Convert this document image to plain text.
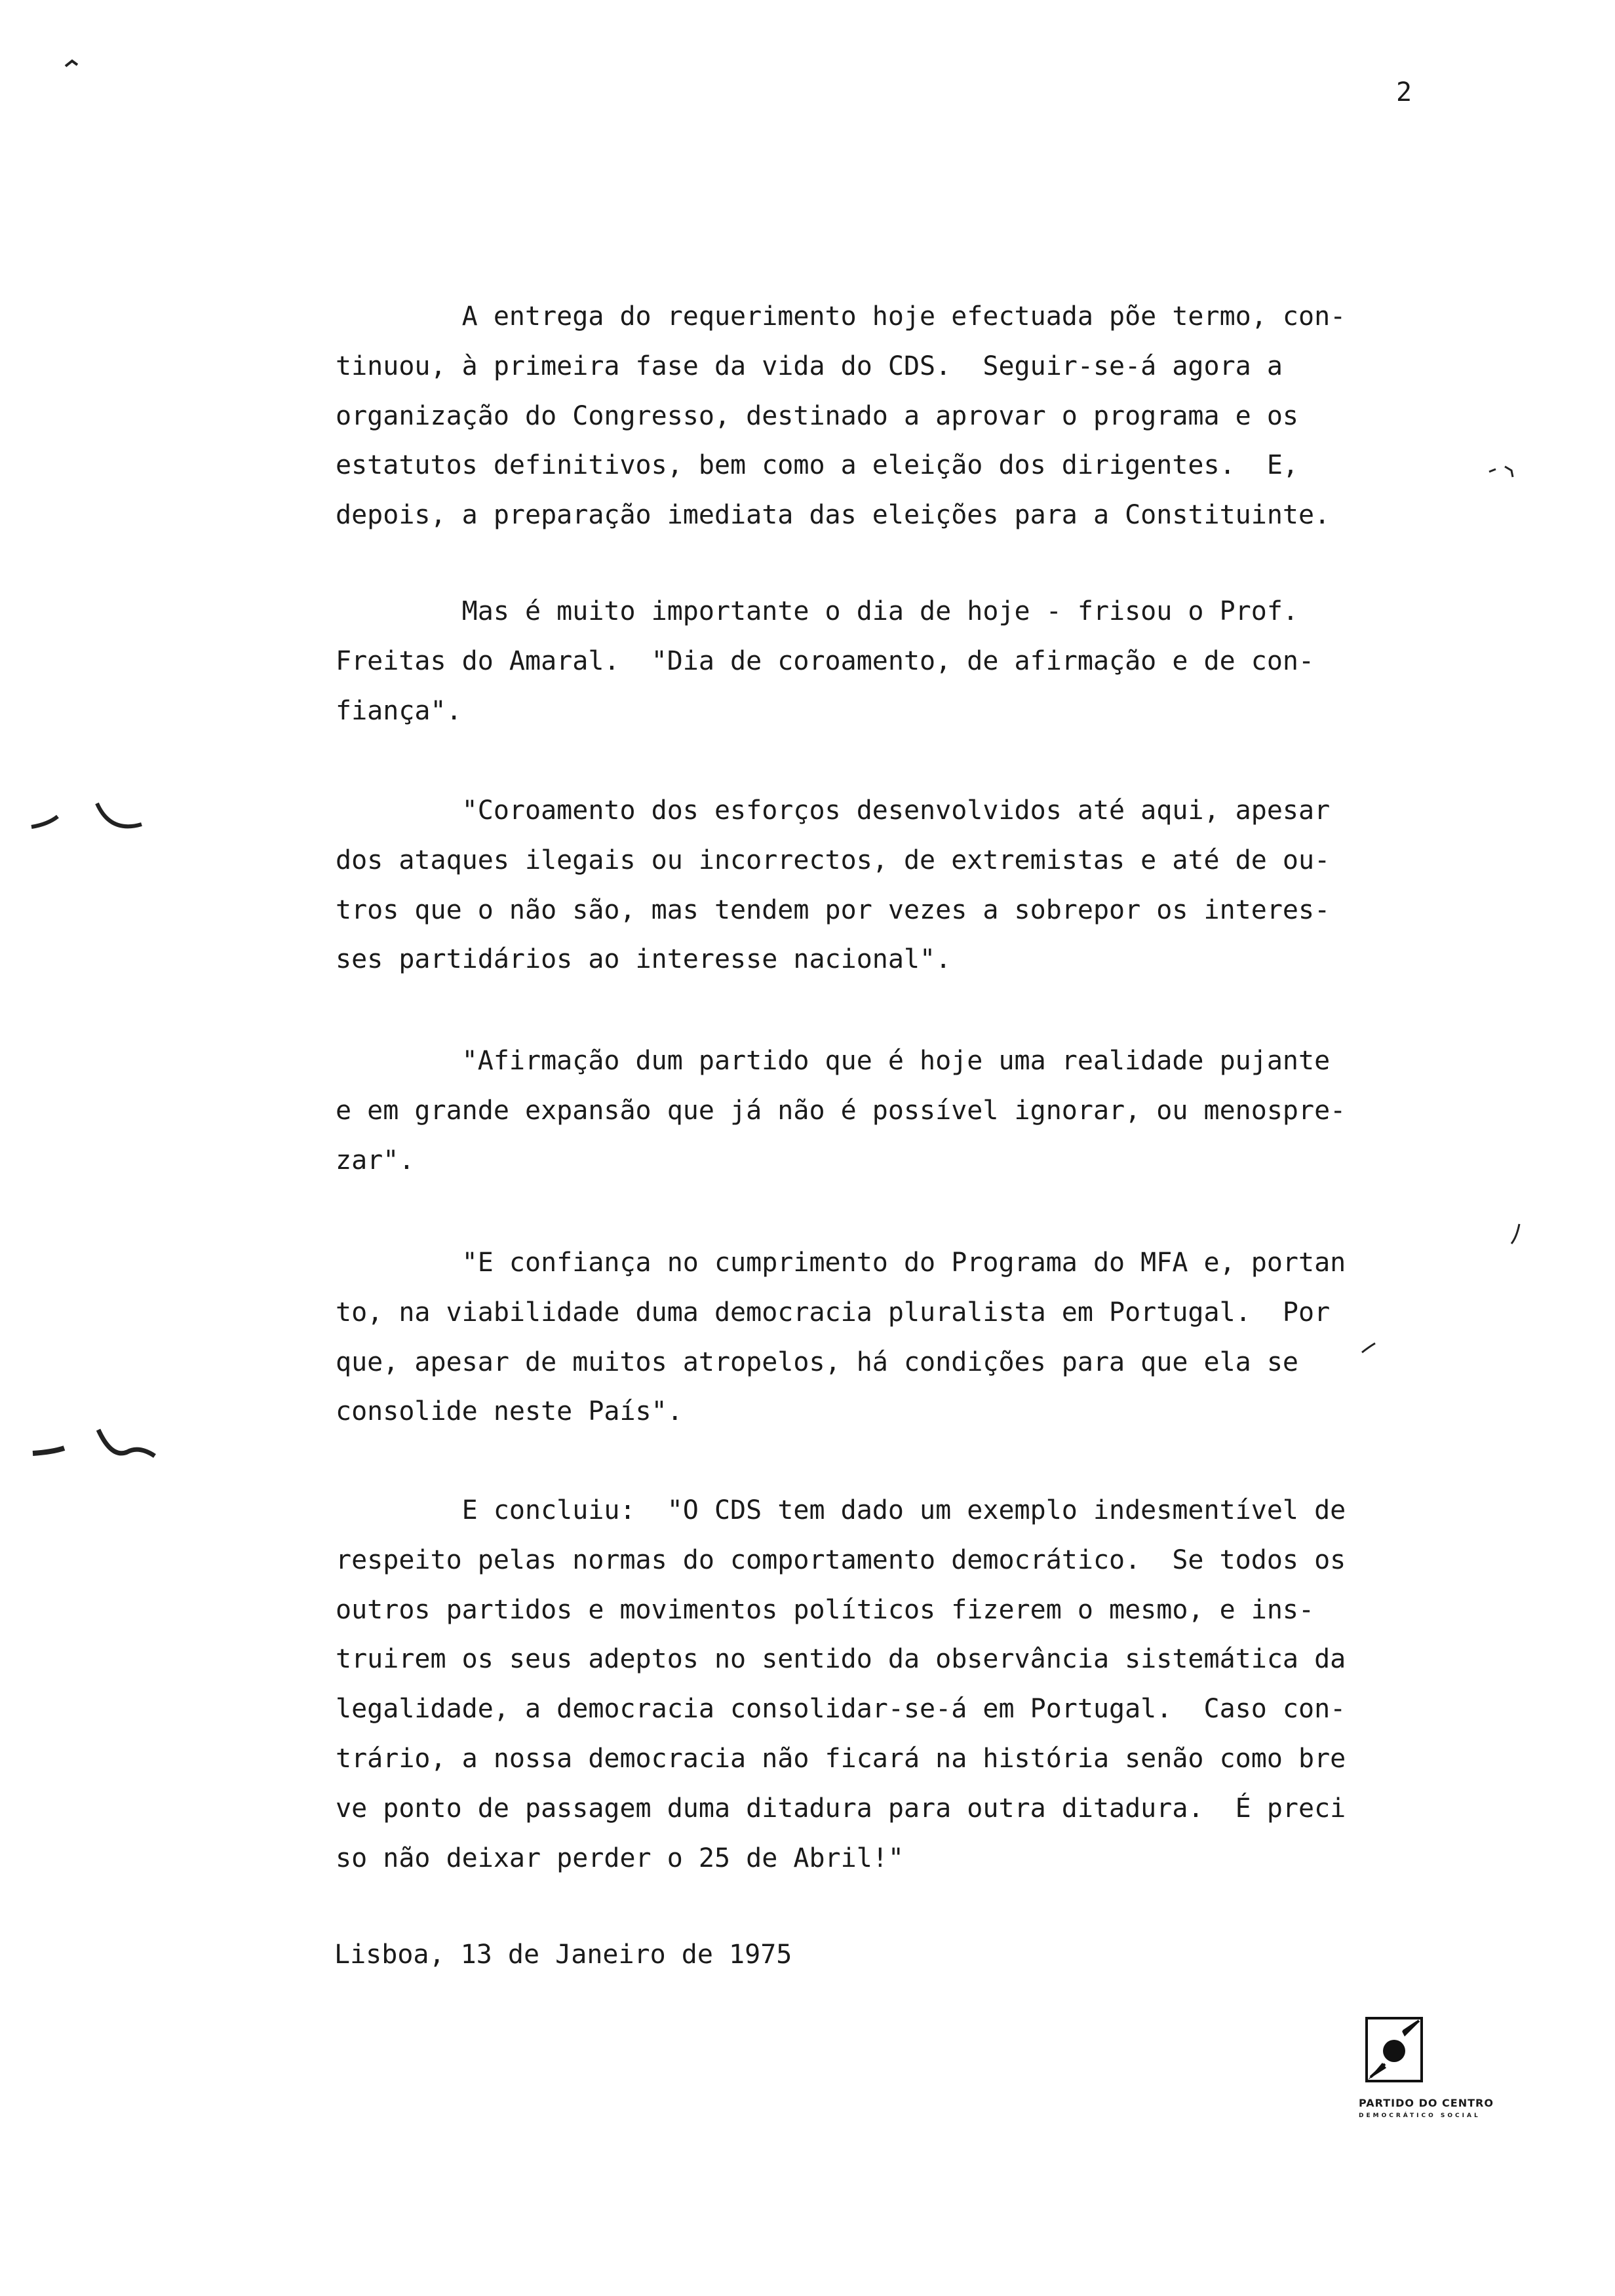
2
A entrega do requerimento hoje efectuada põe termo, con-
tinuou, à primeira fase da vida do CDS.  Seguir-se-á agora a
organização do Congresso, destinado a aprovar o programa e os
estatutos definitivos, bem como a eleição dos dirigentes.  E,
depois, a preparação imediata das eleições para a Constituinte.
Mas é muito importante o dia de hoje - frisou o Prof.
Freitas do Amaral.  "Dia de coroamento, de afirmação e de con-
fiança".
"Coroamento dos esforços desenvolvidos até aqui, apesar
dos ataques ilegais ou incorrectos, de extremistas e até de ou-
tros que o não são, mas tendem por vezes a sobrepor os interes-
ses partidários ao interesse nacional".
"Afirmação dum partido que é hoje uma realidade pujante
e em grande expansão que já não é possível ignorar, ou menospre-
zar".
"E confiança no cumprimento do Programa do MFA e, portan
to, na viabilidade duma democracia pluralista em Portugal.  Por
que, apesar de muitos atropelos, há condições para que ela se
consolide neste País".
E concluiu:  "O CDS tem dado um exemplo indesmentível de
respeito pelas normas do comportamento democrático.  Se todos os
outros partidos e movimentos políticos fizerem o mesmo, e ins-
truirem os seus adeptos no sentido da observância sistemática da
legalidade, a democracia consolidar-se-á em Portugal.  Caso con-
trário, a nossa democracia não ficará na história senão como bre
ve ponto de passagem duma ditadura para outra ditadura.  É preci
so não deixar perder o 25 de Abril!"
Lisboa, 13 de Janeiro de 1975
PARTIDO DO CENTRO
DEMOCRÁTICO SOCIAL
